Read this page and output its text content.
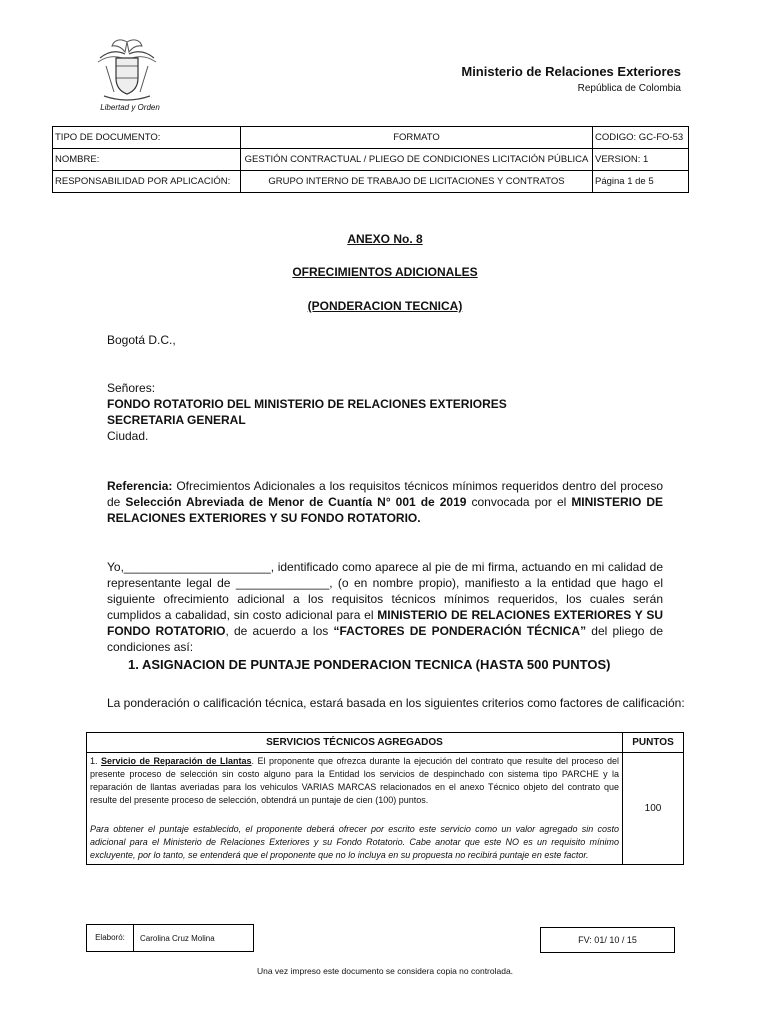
Libertad y Orden
Ministerio de Relaciones Exteriores
República de Colombia
TIPO DE DOCUMENTO:	FORMATO	CODIGO: GC-FO-53
NOMBRE:	GESTIÓN CONTRACTUAL / PLIEGO DE CONDICIONES LICITACIÓN PÚBLICA	VERSION: 1
RESPONSABILIDAD POR APLICACIÓN:	GRUPO INTERNO DE TRABAJO DE LICITACIONES Y CONTRATOS	Página 1 de 5
ANEXO No. 8
OFRECIMIENTOS ADICIONALES
(PONDERACION TECNICA)
Bogotá D.C.,
Señores:
FONDO ROTATORIO DEL MINISTERIO DE RELACIONES EXTERIORES
SECRETARIA GENERAL
Ciudad.
Referencia: Ofrecimientos Adicionales a los requisitos técnicos mínimos requeridos dentro del proceso de Selección Abreviada de Menor de Cuantía N° 001 de 2019 convocada por el MINISTERIO DE RELACIONES EXTERIORES Y SU FONDO ROTATORIO.
Yo,______________________, identificado como aparece al pie de mi firma, actuando en mi calidad de representante legal de ______________, (o en nombre propio), manifiesto a la entidad que hago el siguiente ofrecimiento adicional a los requisitos técnicos mínimos requeridos, los cuales serán cumplidos a cabalidad, sin costo adicional para el MINISTERIO DE RELACIONES EXTERIORES Y SU FONDO ROTATORIO, de acuerdo a los “FACTORES DE PONDERACIÓN TÉCNICA” del pliego de condiciones así:
1. ASIGNACION DE PUNTAJE PONDERACION TECNICA (HASTA 500 PUNTOS)
La ponderación o calificación técnica, estará basada en los siguientes criterios como factores de calificación:
SERVICIOS TÉCNICOS AGREGADOS	PUNTOS

1. Servicio de Reparación de Llantas. El proponente que ofrezca durante la ejecución del contrato que resulte del proceso del presente proceso de selección sin costo alguno para la Entidad los servicios de despinchado con sistema tipo PARCHE y la reparación de llantas averiadas para los vehiculos VARIAS MARCAS relacionados en el anexo Técnico objeto del contrato que resulte del presente proceso de selección, obtendrá un puntaje de cien (100) puntos.
Para obtener el puntaje establecido, el proponente deberá ofrecer por escrito este servicio como un valor agregado sin costo adicional para el Ministerio de Relaciones Exteriores y su Fondo Rotatorio. Cabe anotar que este NO es un requisito mínimo excluyente, por lo tanto, se entenderá que el proponente que no lo incluya en su propuesta no recibirá puntaje en este factor.	100
Elaboró:	Carolina Cruz Molina	FV: 01/ 10 / 15
Una vez impreso este documento se considera copia no controlada.
